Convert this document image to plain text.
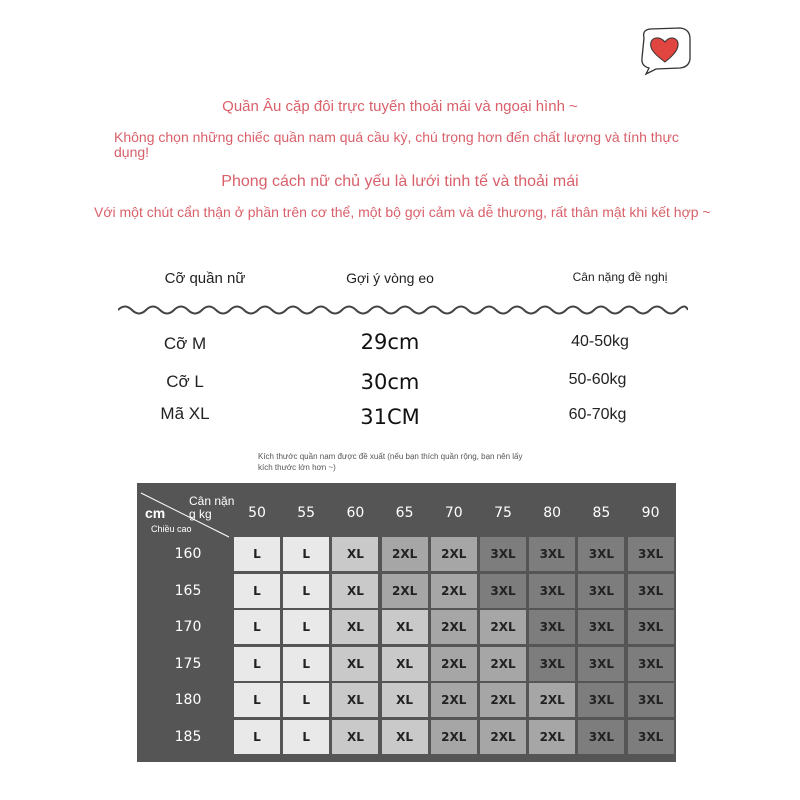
Quần Âu cặp đôi trực tuyến thoải mái và ngoại hình ~
Không chọn những chiếc quần nam quá cầu kỳ, chú trọng hơn đến chất lượng và tính thực dụng!
Phong cách nữ chủ yếu là lưới tinh tế và thoải mái
Với một chút cẩn thận ở phần trên cơ thể, một bộ gợi cảm và dễ thương, rất thân mật khi kết hợp ~
Cỡ quần nữ	Gợi ý vòng eo	Cân nặng đề nghị
Cỡ M	29cm	40-50kg
Cỡ L	30cm	50-60kg
Mã XL	31CM	60-70kg
Kích thước quần nam được đề xuất (nếu bạn thích quần rộng, bạn nên lấy kích thước lớn hơn ~)
cm
Cân nặng kg
Chiều cao
50	55	60	65	70	75	80	85	90
160	L	L	XL	2XL	2XL	3XL	3XL	3XL	3XL
165	L	L	XL	2XL	2XL	3XL	3XL	3XL	3XL
170	L	L	XL	XL	2XL	2XL	3XL	3XL	3XL
175	L	L	XL	XL	2XL	2XL	3XL	3XL	3XL
180	L	L	XL	XL	2XL	2XL	2XL	3XL	3XL
185	L	L	XL	XL	2XL	2XL	2XL	3XL	3XL
